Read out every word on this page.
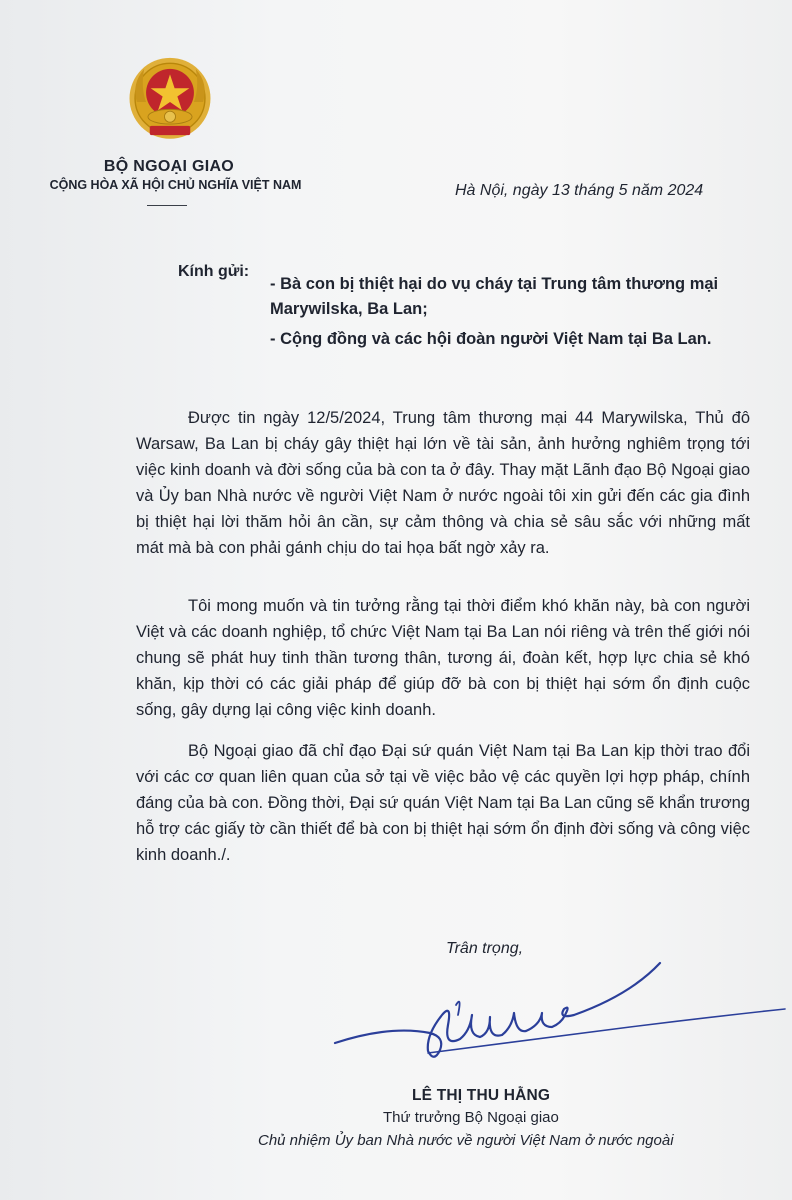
BỘ NGOẠI GIAO
CỘNG HÒA XÃ HỘI CHỦ NGHĨA VIỆT NAM	Hà Nội, ngày 13 tháng 5 năm 2024
Kính gửi:
- Bà con bị thiệt hại do vụ cháy tại Trung tâm thương mại Marywilska, Ba Lan;
- Cộng đồng và các hội đoàn người Việt Nam tại Ba Lan.
Được tin ngày 12/5/2024, Trung tâm thương mại 44 Marywilska, Thủ đô Warsaw, Ba Lan bị cháy gây thiệt hại lớn về tài sản, ảnh hưởng nghiêm trọng tới việc kinh doanh và đời sống của bà con ta ở đây. Thay mặt Lãnh đạo Bộ Ngoại giao và Ủy ban Nhà nước về người Việt Nam ở nước ngoài tôi xin gửi đến các gia đình bị thiệt hại lời thăm hỏi ân cần, sự cảm thông và chia sẻ sâu sắc với những mất mát mà bà con phải gánh chịu do tai họa bất ngờ xảy ra.
Tôi mong muốn và tin tưởng rằng tại thời điểm khó khăn này, bà con người Việt và các doanh nghiệp, tổ chức Việt Nam tại Ba Lan nói riêng và trên thế giới nói chung sẽ phát huy tinh thần tương thân, tương ái, đoàn kết, hợp lực chia sẻ khó khăn, kịp thời có các giải pháp để giúp đỡ bà con bị thiệt hại sớm ổn định cuộc sống, gây dựng lại công việc kinh doanh.
Bộ Ngoại giao đã chỉ đạo Đại sứ quán Việt Nam tại Ba Lan kịp thời trao đổi với các cơ quan liên quan của sở tại về việc bảo vệ các quyền lợi hợp pháp, chính đáng của bà con. Đồng thời, Đại sứ quán Việt Nam tại Ba Lan cũng sẽ khẩn trương hỗ trợ các giấy tờ cần thiết để bà con bị thiệt hại sớm ổn định đời sống và công việc kinh doanh./.
Trân trọng,
LÊ THỊ THU HẰNG
Thứ trưởng Bộ Ngoại giao
Chủ nhiệm Ủy ban Nhà nước về người Việt Nam ở nước ngoài
